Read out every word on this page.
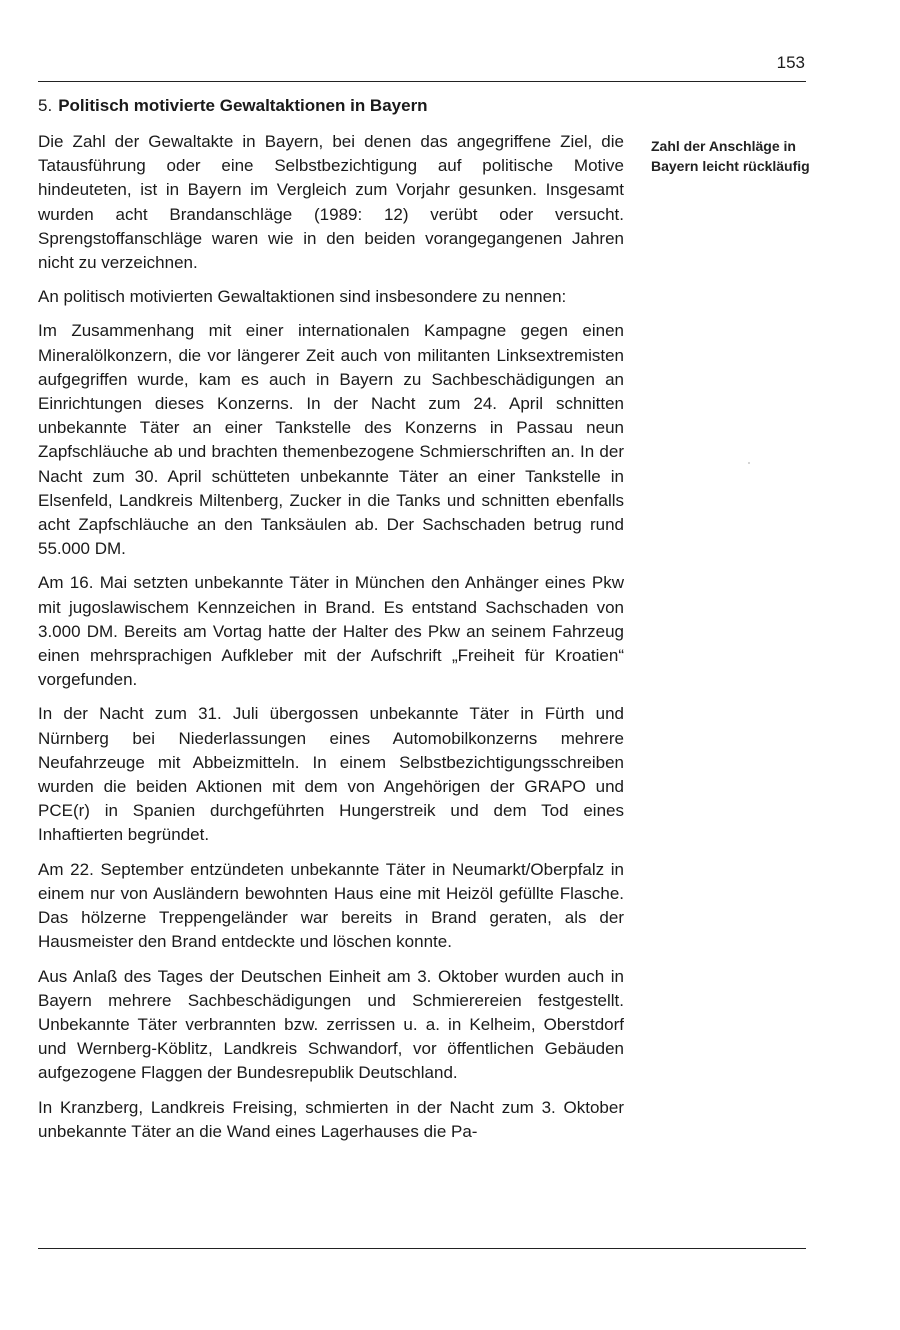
153
5. Politisch motivierte Gewaltaktionen in Bayern

Die Zahl der Gewaltakte in Bayern, bei denen das angegriffene Ziel, die Tatausführung oder eine Selbstbezichtigung auf politische Motive hindeuteten, ist in Bayern im Vergleich zum Vorjahr gesunken. Insgesamt wurden acht Brandanschläge (1989: 12) verübt oder versucht. Sprengstoffanschläge waren wie in den beiden vorangegangenen Jahren nicht zu verzeichnen.

An politisch motivierten Gewaltaktionen sind insbesondere zu nennen:

Im Zusammenhang mit einer internationalen Kampagne gegen einen Mineralölkonzern, die vor längerer Zeit auch von militanten Linksextremisten aufgegriffen wurde, kam es auch in Bayern zu Sachbeschädigungen an Einrichtungen dieses Konzerns. In der Nacht zum 24. April schnitten unbekannte Täter an einer Tankstelle des Konzerns in Passau neun Zapfschläuche ab und brachten themenbezogene Schmierschriften an. In der Nacht zum 30. April schütteten unbekannte Täter an einer Tankstelle in Elsenfeld, Landkreis Miltenberg, Zucker in die Tanks und schnitten ebenfalls acht Zapfschläuche an den Tanksäulen ab. Der Sachschaden betrug rund 55.000 DM.

Am 16. Mai setzten unbekannte Täter in München den Anhänger eines Pkw mit jugoslawischem Kennzeichen in Brand. Es entstand Sachschaden von 3.000 DM. Bereits am Vortag hatte der Halter des Pkw an seinem Fahrzeug einen mehrsprachigen Aufkleber mit der Aufschrift „Freiheit für Kroatien“ vorgefunden.

In der Nacht zum 31. Juli übergossen unbekannte Täter in Fürth und Nürnberg bei Niederlassungen eines Automobilkonzerns mehrere Neufahrzeuge mit Abbeizmitteln. In einem Selbstbezichtigungsschreiben wurden die beiden Aktionen mit dem von Angehörigen der GRAPO und PCE(r) in Spanien durchgeführten Hungerstreik und dem Tod eines Inhaftierten begründet.

Am 22. September entzündeten unbekannte Täter in Neumarkt/Oberpfalz in einem nur von Ausländern bewohnten Haus eine mit Heizöl gefüllte Flasche. Das hölzerne Treppengeländer war bereits in Brand geraten, als der Hausmeister den Brand entdeckte und löschen konnte.

Aus Anlaß des Tages der Deutschen Einheit am 3. Oktober wurden auch in Bayern mehrere Sachbeschädigungen und Schmierereien festgestellt. Unbekannte Täter verbrannten bzw. zerrissen u. a. in Kelheim, Oberstdorf und Wernberg-Köblitz, Landkreis Schwandorf, vor öffentlichen Gebäuden aufgezogene Flaggen der Bundesrepublik Deutschland.

In Kranzberg, Landkreis Freising, schmierten in der Nacht zum 3. Oktober unbekannte Täter an die Wand eines Lagerhauses die Pa-

Zahl der Anschläge in Bayern leicht rückläufig
